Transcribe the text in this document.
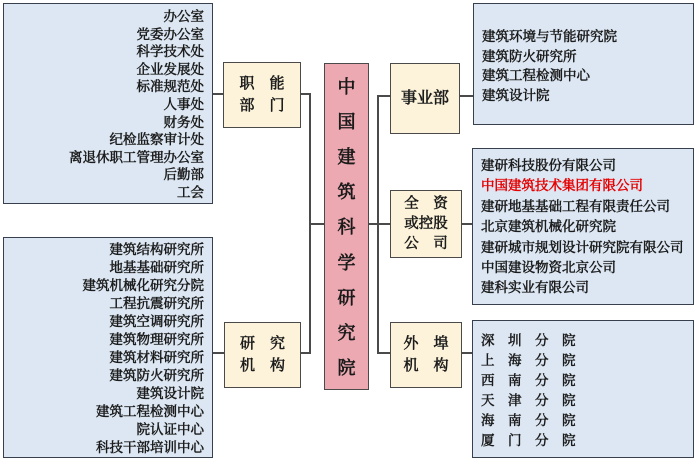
办公室
党委办公室
科学技术处
企业发展处
标准规范处
人事处
财务处
纪检监察审计处
离退休职工管理办公室
后勤部
工会
建筑结构研究所
地基基础研究所
建筑机械化研究分院
工程抗震研究所
建筑空调研究所
建筑物理研究所
建筑材料研究所
建筑防火研究所
建筑设计院
建筑工程检测中心
院认证中心
科技干部培训中心
职　能
部　门
研　究
机　构
事业部
全　资
或控股
公　司
外　埠
机　构
中
国
建
筑
科
学
研
究
院
建筑环境与节能研究院
建筑防火研究所
建筑工程检测中心
建筑设计院
建研科技股份有限公司
中国建筑技术集团有限公司
建研地基基础工程有限责任公司
北京建筑机械化研究院
建研城市规划设计研究院有限公司
中国建设物资北京公司
建科实业有限公司
深　圳　分　院
上　海　分　院
西　南　分　院
天　津　分　院
海　南　分　院
厦　门　分　院
